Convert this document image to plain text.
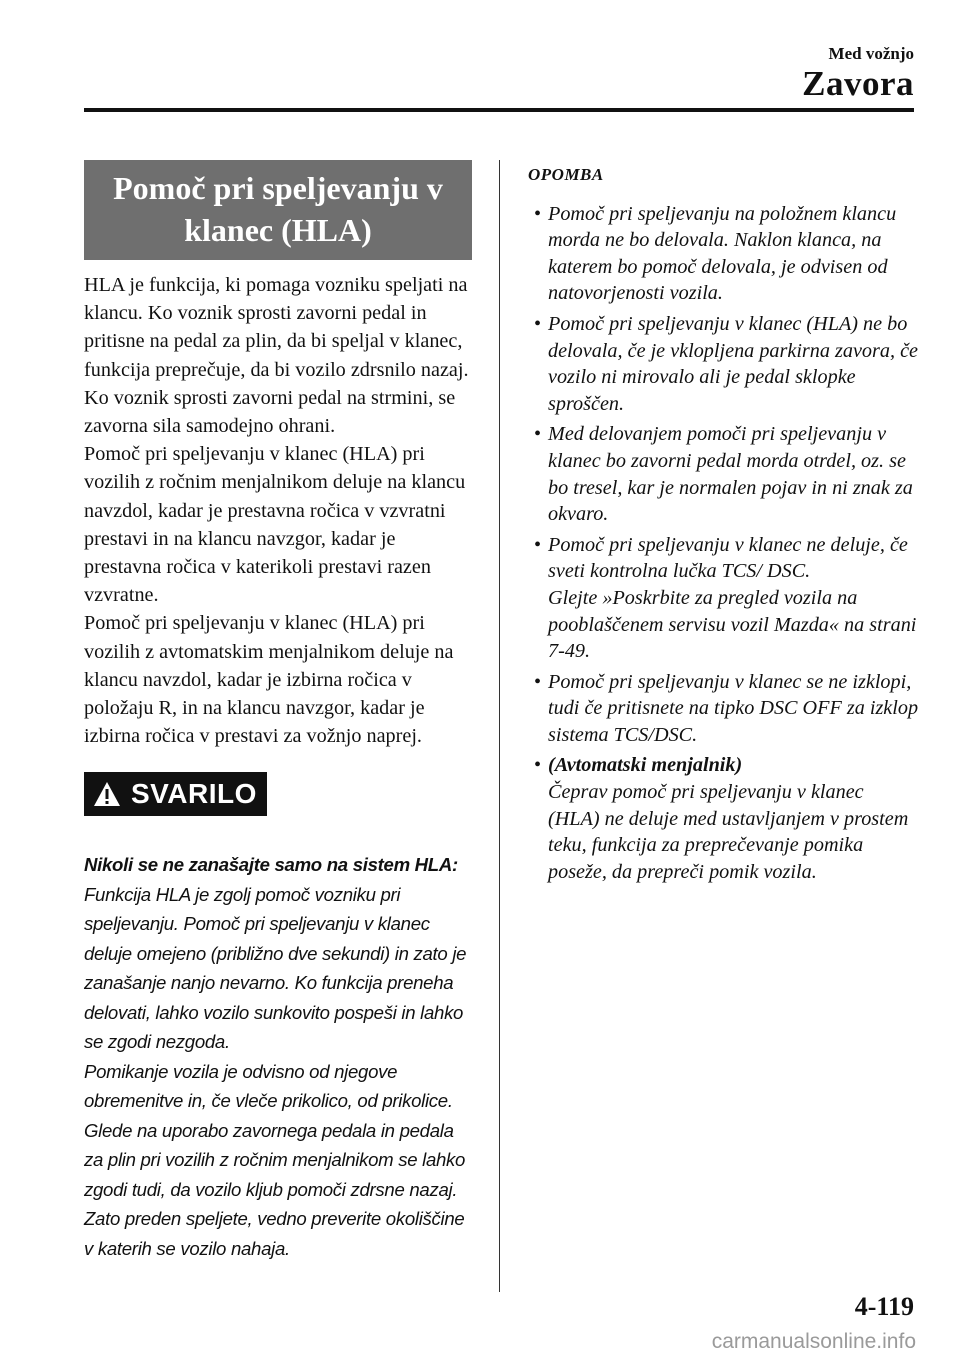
Med vožnjo
Zavora
Pomoč pri speljevanju v
klanec (HLA)

HLA je funkcija, ki pomaga vozniku speljati na klancu. Ko voznik sprosti zavorni pedal in pritisne na pedal za plin, da bi speljal v klanec, funkcija preprečuje, da bi vozilo zdrsnilo nazaj. Ko voznik sprosti zavorni pedal na strmini, se zavorna sila samodejno ohrani.

Pomoč pri speljevanju v klanec (HLA) pri vozilih z ročnim menjalnikom deluje na klancu navzdol, kadar je prestavna ročica v vzvratni prestavi in na klancu navzgor, kadar je prestavna ročica v katerikoli prestavi razen vzvratne.

Pomoč pri speljevanju v klanec (HLA) pri vozilih z avtomatskim menjalnikom deluje na klancu navzdol, kadar je izbirna ročica v položaju R, in na klancu navzgor, kadar je izbirna ročica v prestavi za vožnjo naprej.

SVARILO

Nikoli se ne zanašajte samo na sistem HLA:

Funkcija HLA je zgolj pomoč vozniku pri speljevanju. Pomoč pri speljevanju v klanec deluje omejeno (približno dve sekundi) in zato je zanašanje nanjo nevarno. Ko funkcija preneha delovati, lahko vozilo sunkovito pospeši in lahko se zgodi nezgoda.

Pomikanje vozila je odvisno od njegove obremenitve in, če vleče prikolico, od prikolice. Glede na uporabo zavornega pedala in pedala za plin pri vozilih z ročnim menjalnikom se lahko zgodi tudi, da vozilo kljub pomoči zdrsne nazaj.

Zato preden speljete, vedno preverite okoliščine v katerih se vozilo nahaja.

OPOMBA
• Pomoč pri speljevanju na položnem klancu morda ne bo delovala. Naklon klanca, na katerem bo pomoč delovala, je odvisen od natovorjenosti vozila.

• Pomoč pri speljevanju v klanec (HLA) ne bo delovala, če je vklopljena parkirna zavora, če vozilo ni mirovalo ali je pedal sklopke sproščen.

• Med delovanjem pomoči pri speljevanju v klanec bo zavorni pedal morda otrdel, oz. se bo tresel, kar je normalen pojav in ni znak za okvaro.

• Pomoč pri speljevanju v klanec ne deluje, če sveti kontrolna lučka TCS/ DSC.

Glejte »Poskrbite za pregled vozila na pooblaščenem servisu vozil Mazda« na strani 7-49.

• Pomoč pri speljevanju v klanec se ne izklopi, tudi če pritisnete na tipko DSC OFF za izklop sistema TCS/DSC.

• (Avtomatski menjalnik)

Čeprav pomoč pri speljevanju v klanec (HLA) ne deluje med ustavljanjem v prostem teku, funkcija za preprečevanje pomika poseže, da prepreči pomik vozila.

4-119
carmanualsonline.info
